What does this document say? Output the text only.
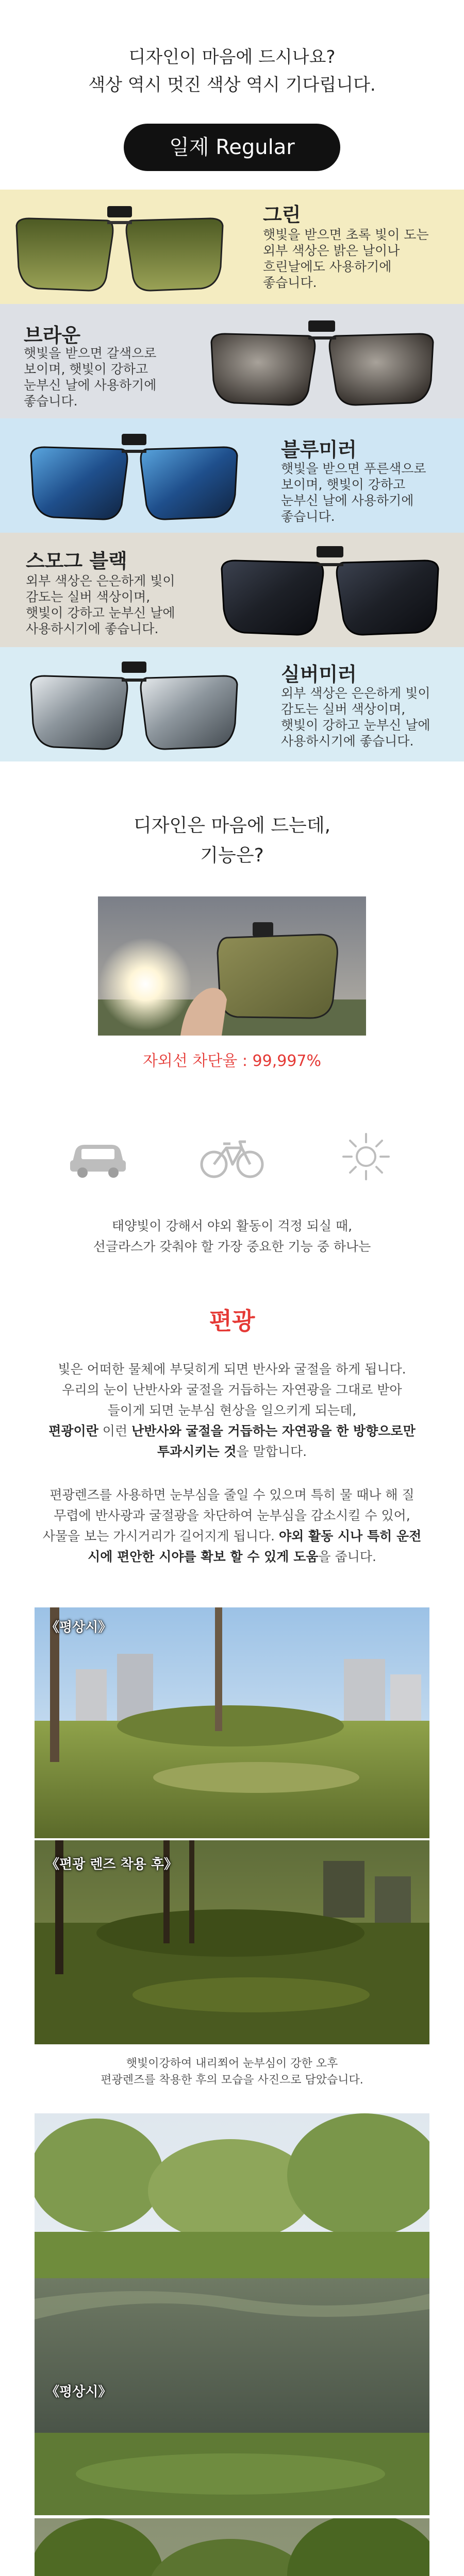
디자인이 마음에 드시나요?
색상 역시 멋진 색상 역시 기다립니다.
일제 Regular
그린
햇빛을 받으면 초록 빛이 도는
외부 색상은 밝은 날이나
흐린날에도 사용하기에
좋습니다.
브라운
햇빛을 받으면 갈색으로
보이며, 햇빛이 강하고
눈부신 날에 사용하기에
좋습니다.
블루미러
햇빛을 받으면 푸른색으로
보이며, 햇빛이 강하고
눈부신 날에 사용하기에
좋습니다.
스모그 블랙
외부 색상은 은은하게 빛이
감도는 실버 색상이며,
햇빛이 강하고 눈부신 날에
사용하시기에 좋습니다.
실버미러
외부 색상은 은은하게 빛이
감도는 실버 색상이며,
햇빛이 강하고 눈부신 날에
사용하시기에 좋습니다.
디자인은 마음에 드는데,
기능은?
자외선 차단율 : 99,997%
태양빛이 강해서 야외 활동이 걱정 되실 때,
선글라스가 갖춰야 할 가장 중요한 기능 중 하나는
편광
빛은 어떠한 물체에 부딪히게 되면 반사와 굴절을 하게 됩니다.
우리의 눈이 난반사와 굴절을 거듭하는 자연광을 그대로 받아
들이게 되면 눈부심 현상을 일으키게 되는데,
편광이란 이런 난반사와 굴절을 거듭하는 자연광을 한 방향으로만
투과시키는 것을 말합니다.
편광렌즈를 사용하면 눈부심을 줄일 수 있으며 특히 물 때나 해 질
무렵에 반사광과 굴절광을 차단하여 눈부심을 감소시킬 수 있어,
사물을 보는 가시거리가 길어지게 됩니다. 야외 활동 시나 특히 운전
시에 편안한 시야를 확보 할 수 있게 도움을 줍니다.
《평상시》
《편광 렌즈 착용 후》
햇빛이강하여 내리쬐어 눈부심이 강한 오후
편광렌즈를 착용한 후의 모습을 사진으로 담았습니다.
《평상시》
